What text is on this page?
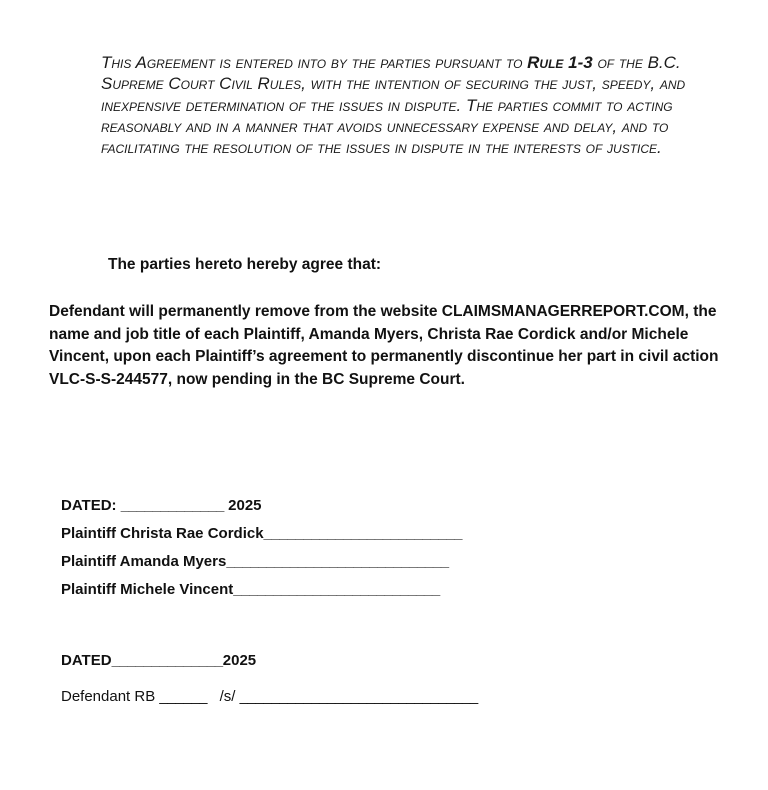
This Agreement is entered into by the parties pursuant to Rule 1-3 of the B.C. Supreme Court Civil Rules, with the intention of securing the just, speedy, and inexpensive determination of the issues in dispute. The parties commit to acting reasonably and in a manner that avoids unnecessary expense and delay, and to facilitating the resolution of the issues in dispute in the interests of justice.

The parties hereto hereby agree that:

Defendant will permanently remove from the website CLAIMSMANAGERREPORT.COM, the name and job title of each Plaintiff, Amanda Myers, Christa Rae Cordick and/or Michele Vincent, upon each Plaintiff’s agreement to permanently discontinue her part in civil action VLC-S-S-244577, now pending in the BC Supreme Court.

DATED: _____________ 2025
Plaintiff Christa Rae Cordick_________________________
Plaintiff Amanda Myers____________________________
Plaintiff Michele Vincent__________________________
DATED______________2025
Defendant RB ______ /s/ ______________________________
